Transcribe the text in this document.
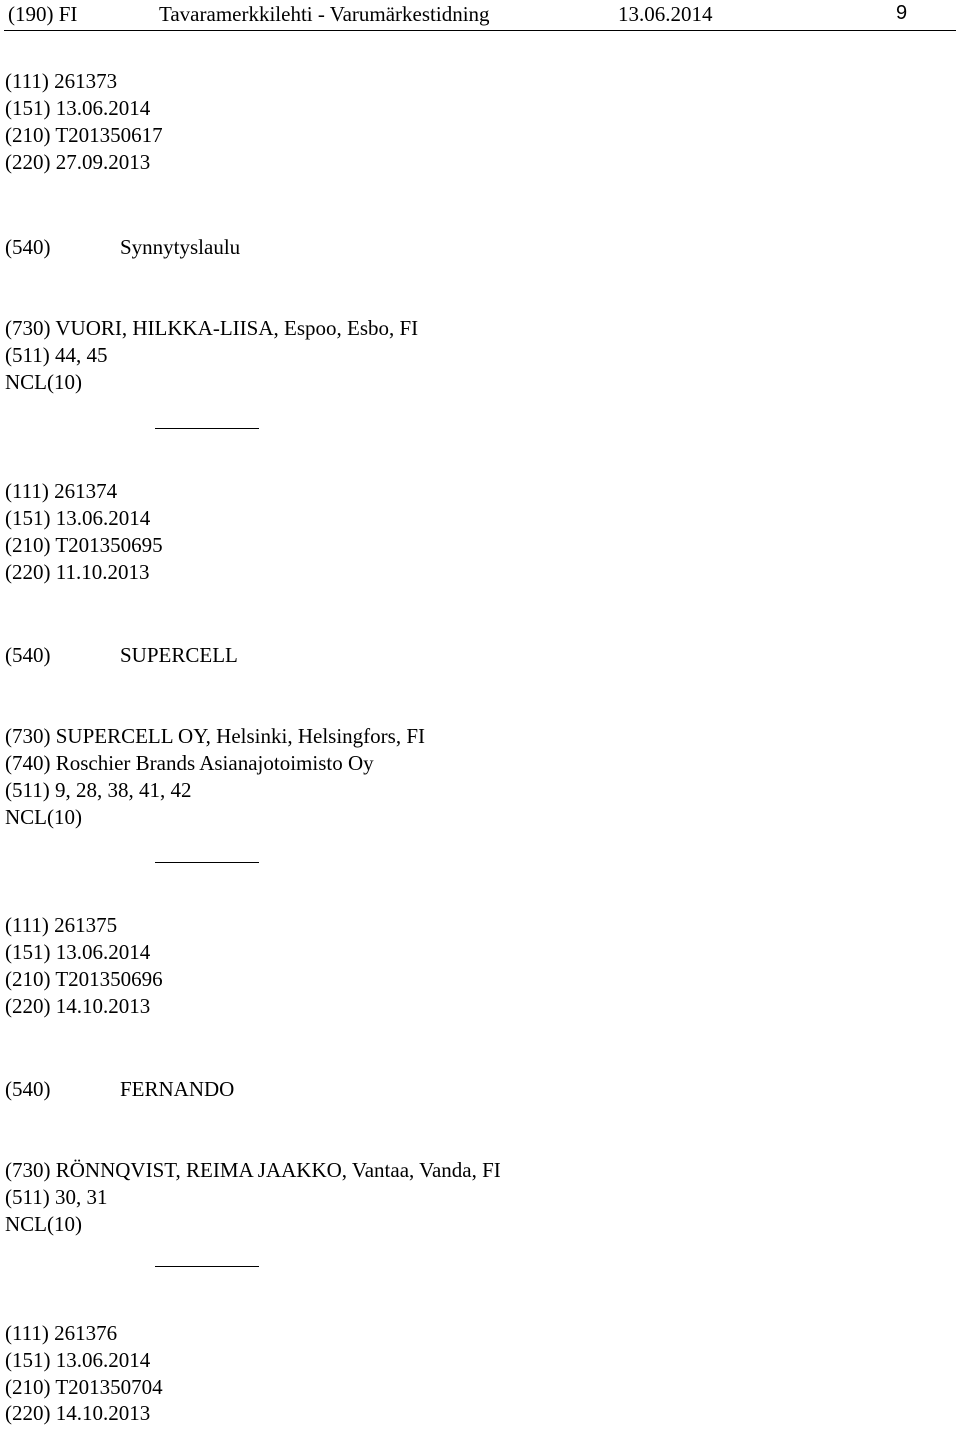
(190) FI	Tavaramerkkilehti - Varumärkestidning	13.06.2014	9
(111) 261373
(151) 13.06.2014
(210) T201350617
(220) 27.09.2013
(540)	Synnytyslaulu
(730) VUORI, HILKKA-LIISA, Espoo, Esbo, FI
(511) 44, 45
NCL(10)
(111) 261374
(151) 13.06.2014
(210) T201350695
(220) 11.10.2013
(540)	SUPERCELL
(730) SUPERCELL OY, Helsinki, Helsingfors, FI
(740) Roschier Brands Asianajotoimisto Oy
(511) 9, 28, 38, 41, 42
NCL(10)
(111) 261375
(151) 13.06.2014
(210) T201350696
(220) 14.10.2013
(540)	FERNANDO
(730) RÖNNQVIST, REIMA JAAKKO, Vantaa, Vanda, FI
(511) 30, 31
NCL(10)
(111) 261376
(151) 13.06.2014
(210) T201350704
(220) 14.10.2013
